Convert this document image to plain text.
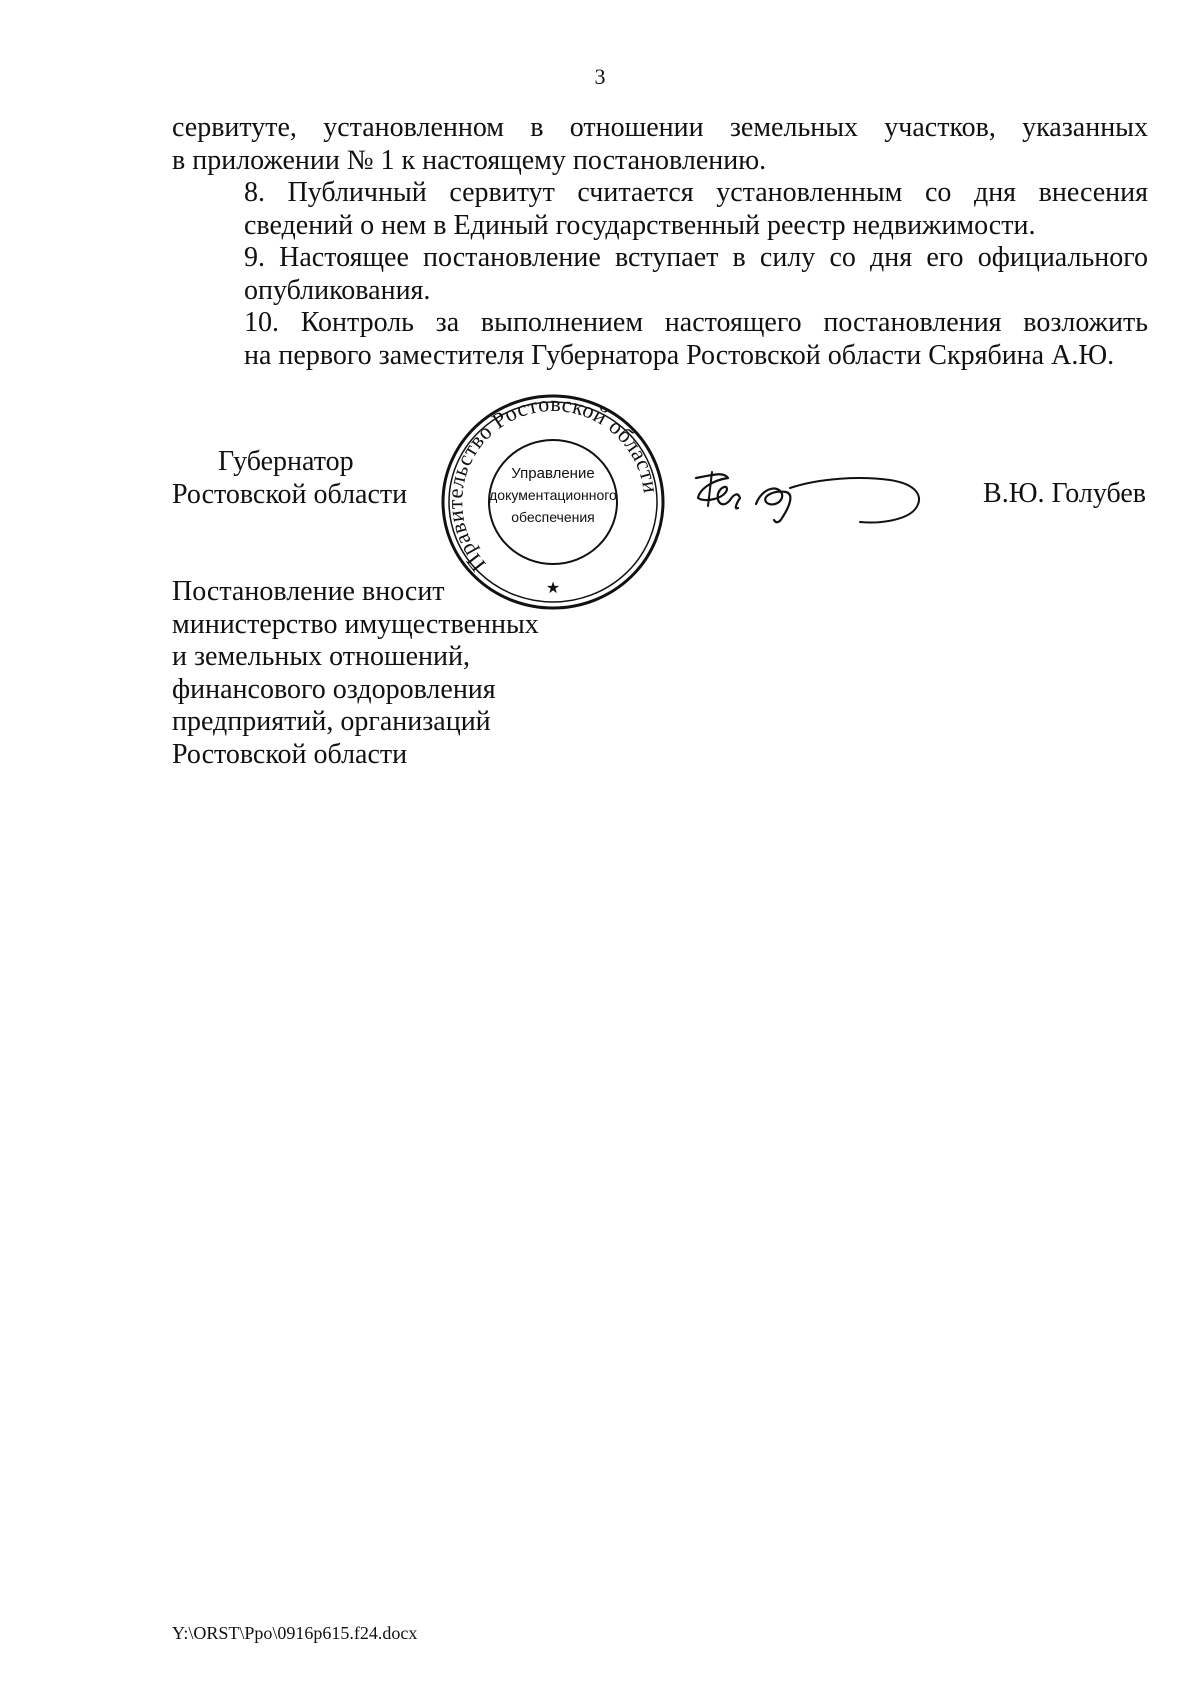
3

сервитуте, установленном в отношении земельных участков, указанных
в приложении № 1 к настоящему постановлению.

8. Публичный сервитут считается установленным со дня внесения
сведений о нем в Единый государственный реестр недвижимости.

9. Настоящее постановление вступает в силу со дня его официального
опубликования.

10. Контроль за выполнением настоящего постановления возложить
на первого заместителя Губернатора Ростовской области Скрябина А.Ю.

Губернатор
Ростовской области

Правительство Ростовской области
Управление
документационного
обеспечения
★

В.Ю. Голубев

Постановление вносит
министерство имущественных
и земельных отношений,
финансового оздоровления
предприятий, организаций
Ростовской области
Y:\ORST\Ppo\0916p615.f24.docx
